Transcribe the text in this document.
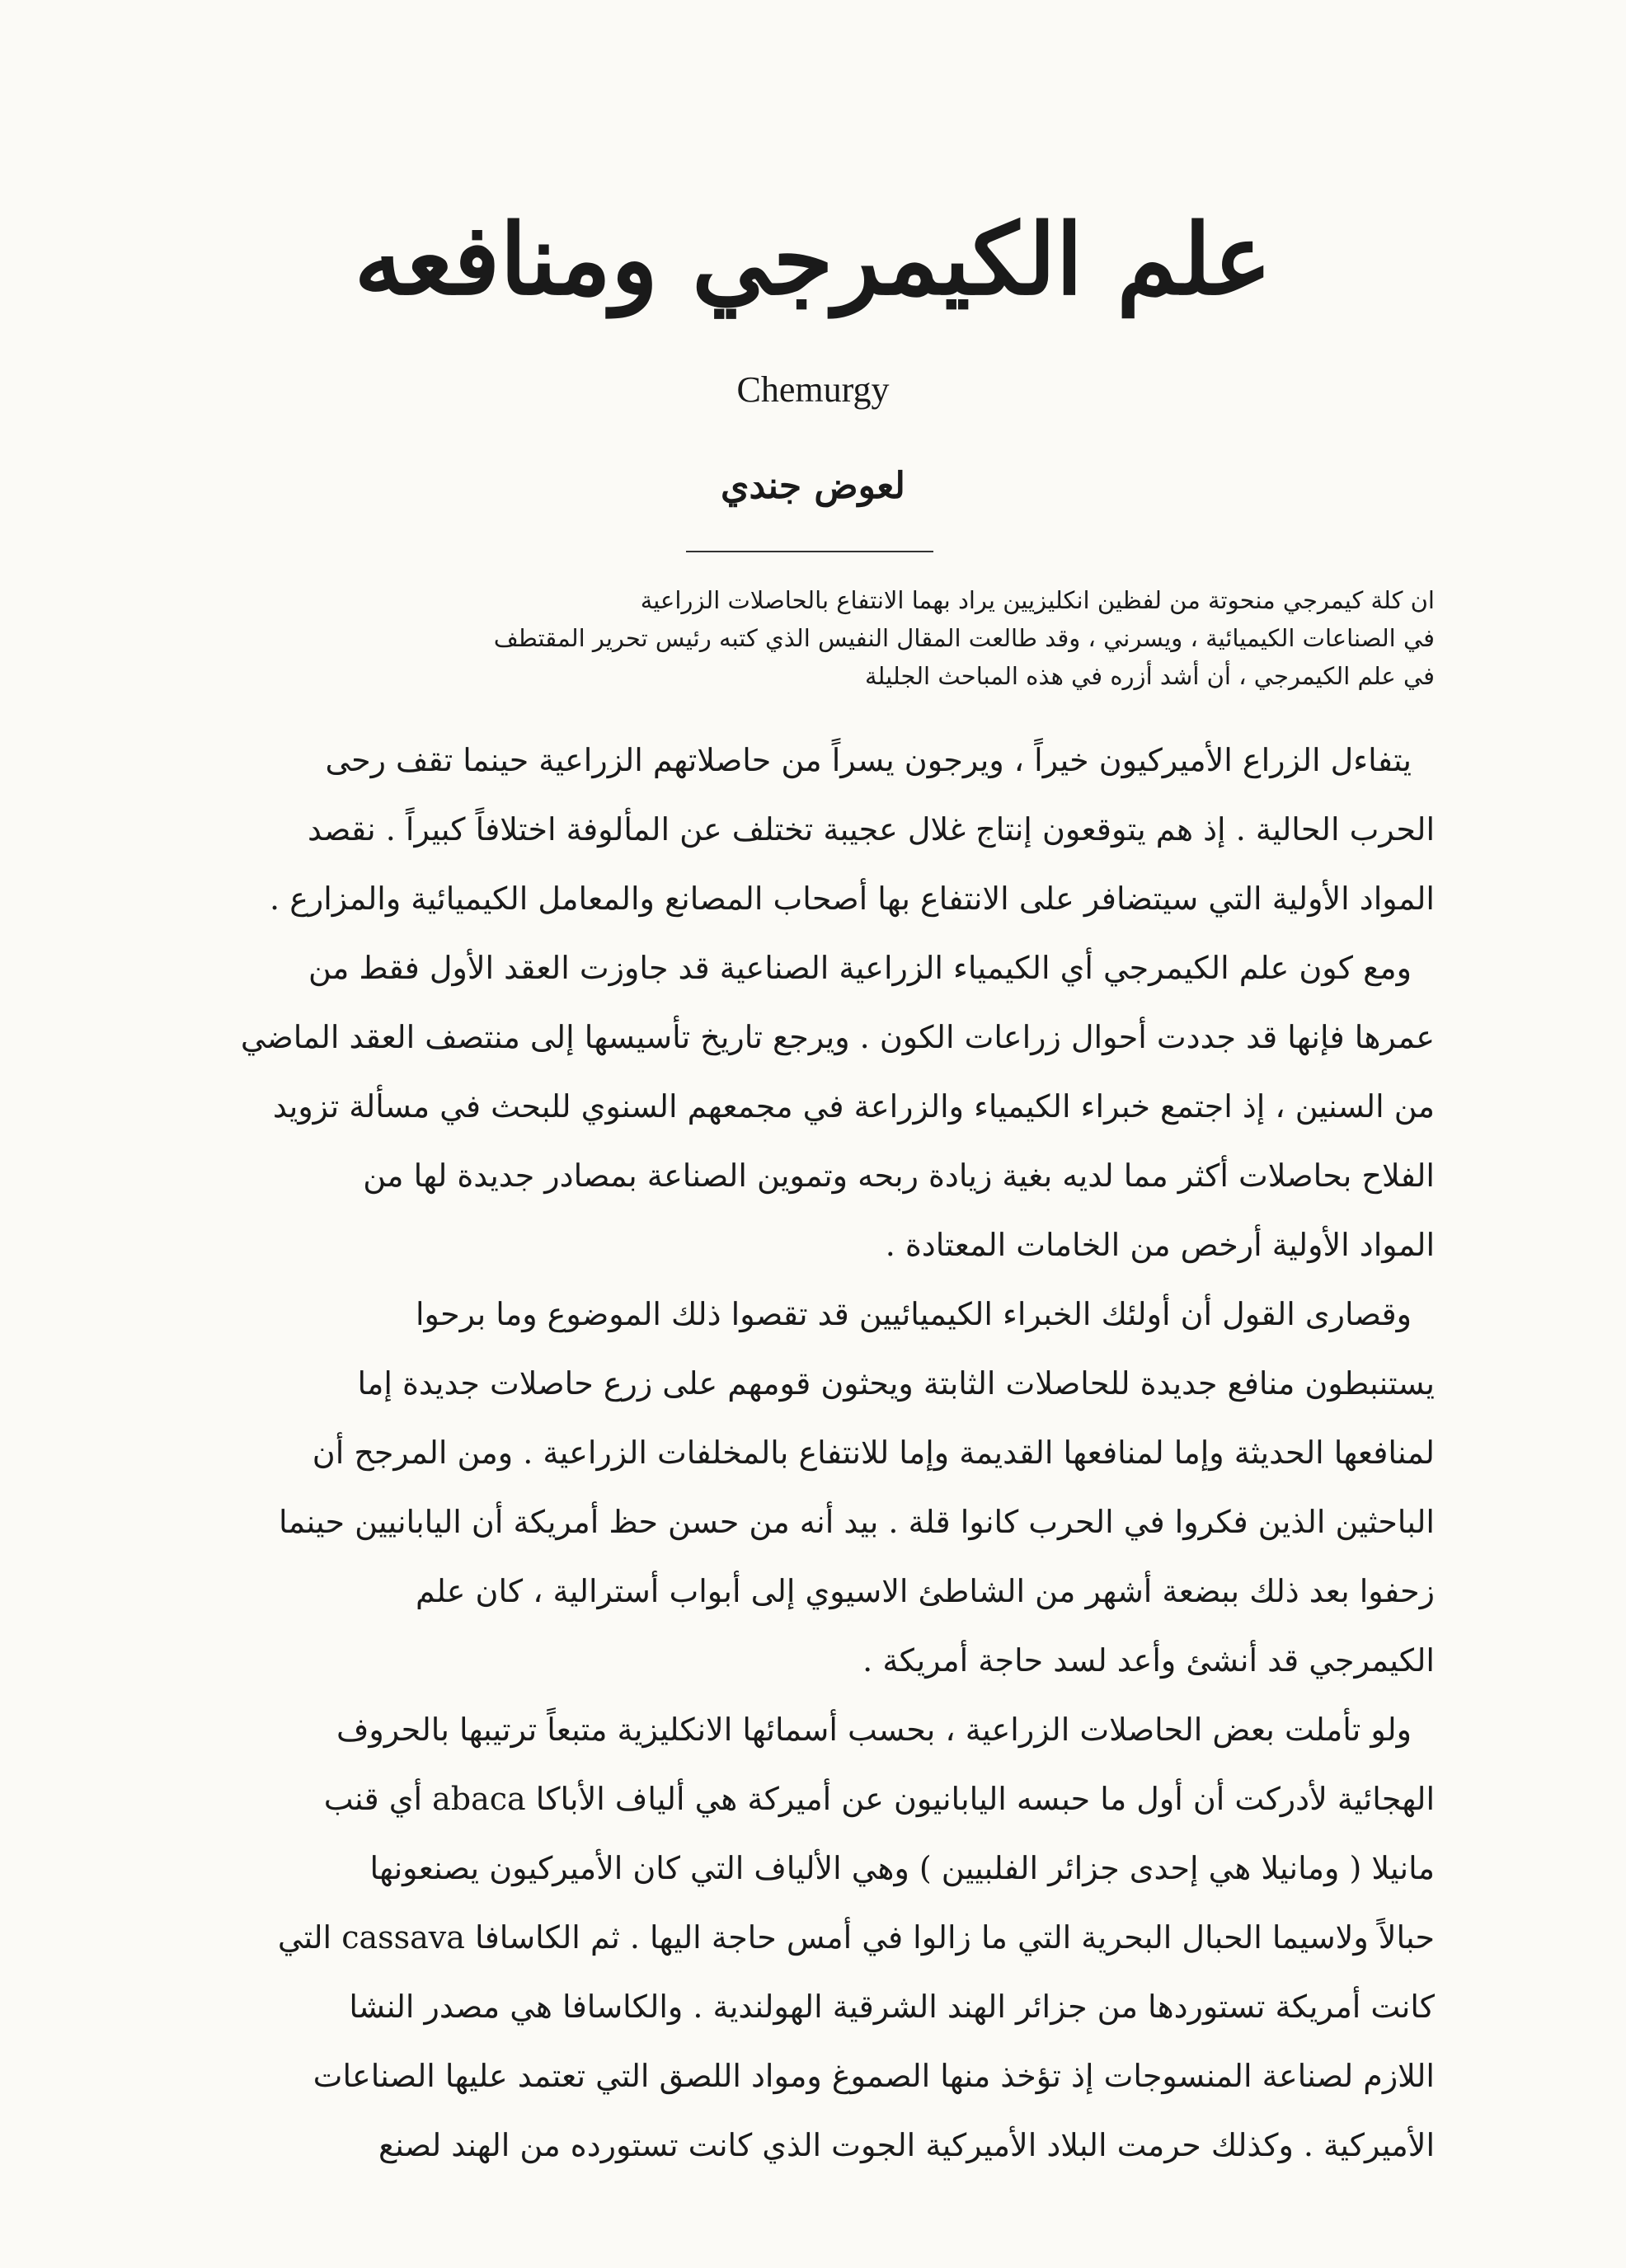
علم الكيمرجي ومنافعه
Chemurgy
لعوض جندي
ان كلة كيمرجي منحوتة من لفظين انكليزيين يراد بهما الانتفاع بالحاصلات الزراعية
في الصناعات الكيميائية ، ويسرني ، وقد طالعت المقال النفيس الذي كتبه رئيس تحرير المقتطف
في علم الكيمرجي ، أن أشد أزره في هذه المباحث الجليلة
يتفاءل الزراع الأميركيون خيراً ، ويرجون يسراً من حاصلاتهم الزراعية حينما تقف رحى
الحرب الحالية . إذ هم يتوقعون إنتاج غلال عجيبة تختلف عن المألوفة اختلافاً كبيراً . نقصد
المواد الأولية التي سيتضافر على الانتفاع بها أصحاب المصانع والمعامل الكيميائية والمزارع .
ومع كون علم الكيمرجي أي الكيمياء الزراعية الصناعية قد جاوزت العقد الأول فقط من
عمرها فإنها قد جددت أحوال زراعات الكون . ويرجع تاريخ تأسيسها إلى منتصف العقد الماضي
من السنين ، إذ اجتمع خبراء الكيمياء والزراعة في مجمعهم السنوي للبحث في مسألة تزويد
الفلاح بحاصلات أكثر مما لديه بغية زيادة ربحه وتموين الصناعة بمصادر جديدة لها من
المواد الأولية أرخص من الخامات المعتادة .
وقصارى القول أن أولئك الخبراء الكيميائيين قد تقصوا ذلك الموضوع وما برحوا
يستنبطون منافع جديدة للحاصلات الثابتة ويحثون قومهم على زرع حاصلات جديدة إما
لمنافعها الحديثة وإما لمنافعها القديمة وإما للانتفاع بالمخلفات الزراعية . ومن المرجح أن
الباحثين الذين فكروا في الحرب كانوا قلة . بيد أنه من حسن حظ أمريكة أن اليابانيين حينما
زحفوا بعد ذلك ببضعة أشهر من الشاطئ الاسيوي إلى أبواب أسترالية ، كان علم
الكيمرجي قد أنشئ وأعد لسد حاجة أمريكة .
ولو تأملت بعض الحاصلات الزراعية ، بحسب أسمائها الانكليزية متبعاً ترتيبها بالحروف
الهجائية لأدركت أن أول ما حبسه اليابانيون عن أميركة هي ألياف الأباكا abaca أي قنب
مانيلا ( ومانيلا هي إحدى جزائر الفلبيين ) وهي الألياف التي كان الأميركيون يصنعونها
حبالاً ولاسيما الحبال البحرية التي ما زالوا في أمس حاجة اليها . ثم الكاسافا cassava التي
كانت أمريكة تستوردها من جزائر الهند الشرقية الهولندية . والكاسافا هي مصدر النشا
اللازم لصناعة المنسوجات إذ تؤخذ منها الصموغ ومواد اللصق التي تعتمد عليها الصناعات
الأميركية . وكذلك حرمت البلاد الأميركية الجوت الذي كانت تستورده من الهند لصنع
